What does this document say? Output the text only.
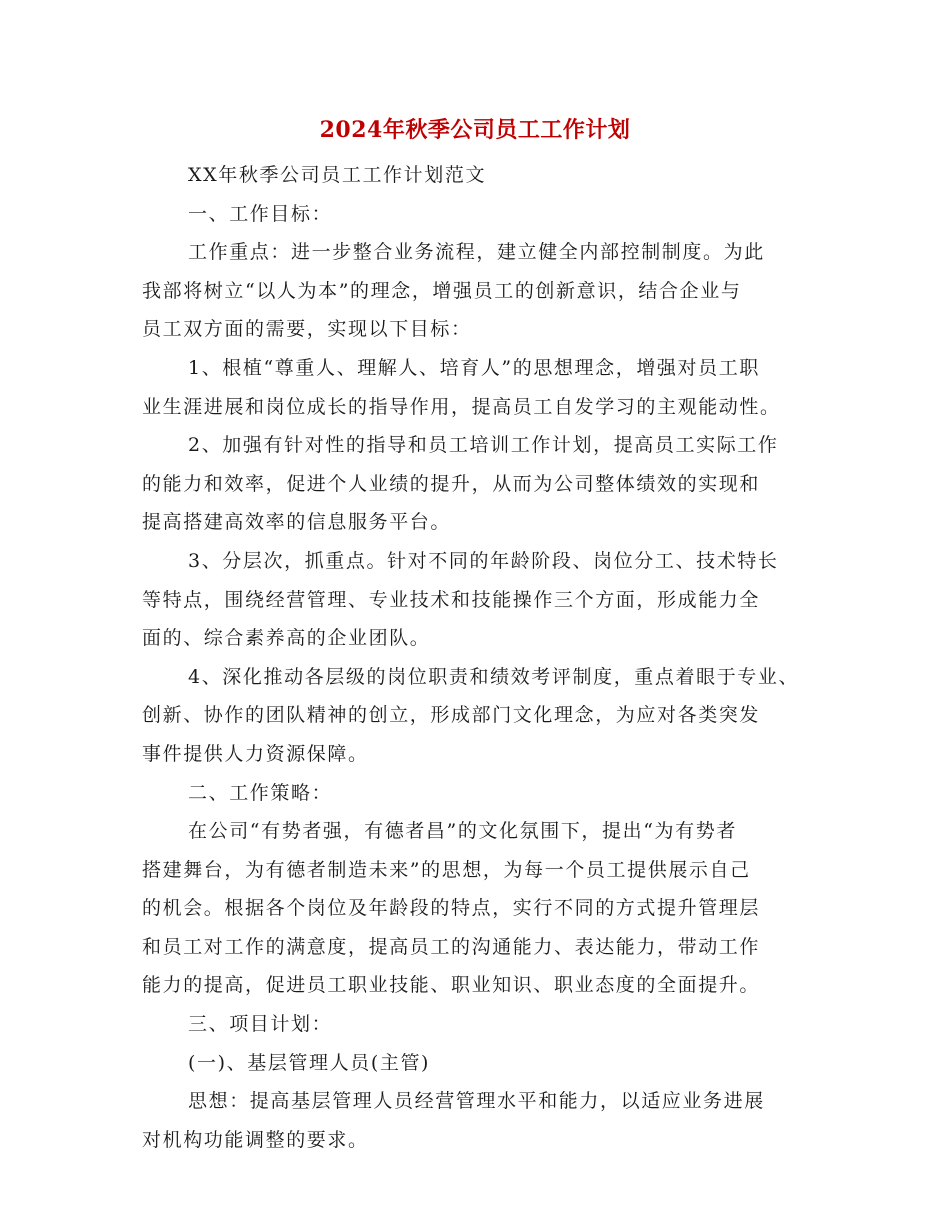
2024年秋季公司员工工作计划
XX年秋季公司员工工作计划范文
一、工作目标：
工作重点：进一步整合业务流程，建立健全内部控制制度。为此
我部将树立“以人为本”的理念，增强员工的创新意识，结合企业与
员工双方面的需要，实现以下目标：
1、根植“尊重人、理解人、培育人”的思想理念，增强对员工职
业生涯进展和岗位成长的指导作用，提高员工自发学习的主观能动性。
2、加强有针对性的指导和员工培训工作计划，提高员工实际工作
的能力和效率，促进个人业绩的提升，从而为公司整体绩效的实现和
提高搭建高效率的信息服务平台。
3、分层次，抓重点。针对不同的年龄阶段、岗位分工、技术特长
等特点，围绕经营管理、专业技术和技能操作三个方面，形成能力全
面的、综合素养高的企业团队。
4、深化推动各层级的岗位职责和绩效考评制度，重点着眼于专业、
创新、协作的团队精神的创立，形成部门文化理念，为应对各类突发
事件提供人力资源保障。
二、工作策略：
在公司“有势者强，有德者昌”的文化氛围下，提出“为有势者
搭建舞台，为有德者制造未来”的思想，为每一个员工提供展示自己
的机会。根据各个岗位及年龄段的特点，实行不同的方式提升管理层
和员工对工作的满意度，提高员工的沟通能力、表达能力，带动工作
能力的提高，促进员工职业技能、职业知识、职业态度的全面提升。
三、项目计划：
(一)、基层管理人员(主管)
思想：提高基层管理人员经营管理水平和能力，以适应业务进展
对机构功能调整的要求。
